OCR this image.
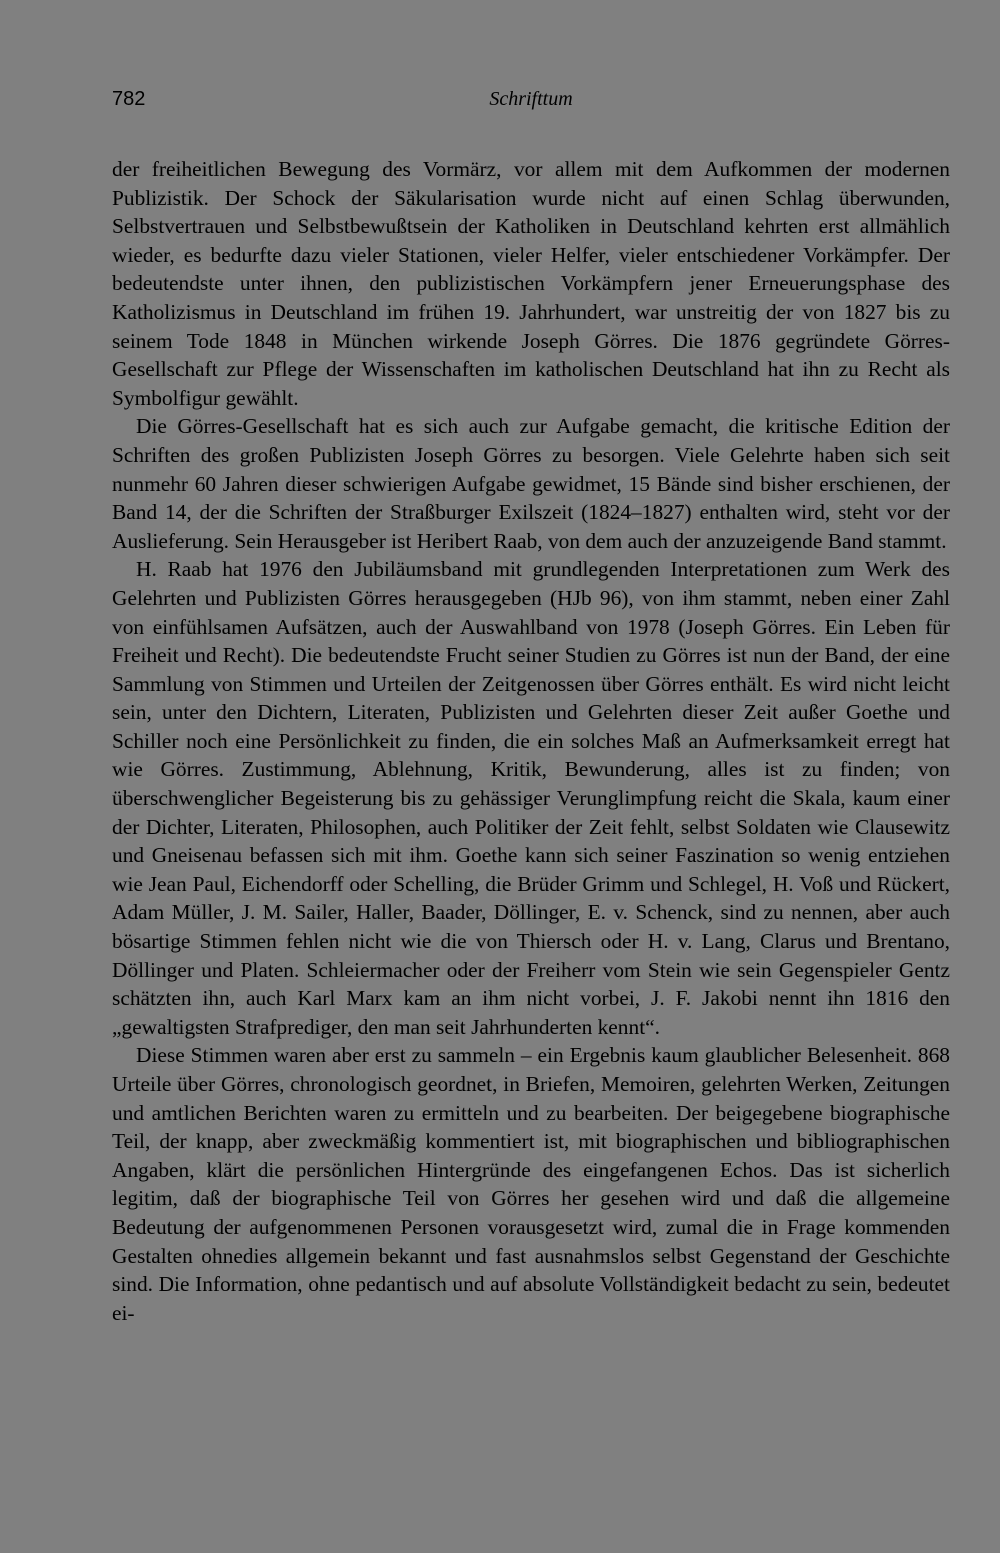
782	Schrifttum

der freiheitlichen Bewegung des Vormärz, vor allem mit dem Aufkommen der modernen Publizistik. Der Schock der Säkularisation wurde nicht auf einen Schlag überwunden, Selbstvertrauen und Selbstbewußtsein der Katholiken in Deutschland kehrten erst allmählich wieder, es bedurfte dazu vieler Stationen, vieler Helfer, vieler entschiedener Vorkämpfer. Der bedeutendste unter ihnen, den publizistischen Vorkämpfern jener Erneuerungsphase des Katholizismus in Deutschland im frühen 19. Jahrhundert, war unstreitig der von 1827 bis zu seinem Tode 1848 in München wirkende Joseph Görres. Die 1876 gegründete Görres-Gesellschaft zur Pflege der Wissenschaften im katholischen Deutschland hat ihn zu Recht als Symbolfigur gewählt.

Die Görres-Gesellschaft hat es sich auch zur Aufgabe gemacht, die kritische Edition der Schriften des großen Publizisten Joseph Görres zu besorgen. Viele Gelehrte haben sich seit nunmehr 60 Jahren dieser schwierigen Aufgabe gewidmet, 15 Bände sind bisher erschienen, der Band 14, der die Schriften der Straßburger Exilszeit (1824–1827) enthalten wird, steht vor der Auslieferung. Sein Herausgeber ist Heribert Raab, von dem auch der anzuzeigende Band stammt.

H. Raab hat 1976 den Jubiläumsband mit grundlegenden Interpretationen zum Werk des Gelehrten und Publizisten Görres herausgegeben (HJb 96), von ihm stammt, neben einer Zahl von einfühlsamen Aufsätzen, auch der Auswahlband von 1978 (Joseph Görres. Ein Leben für Freiheit und Recht). Die bedeutendste Frucht seiner Studien zu Görres ist nun der Band, der eine Sammlung von Stimmen und Urteilen der Zeitgenossen über Görres enthält. Es wird nicht leicht sein, unter den Dichtern, Literaten, Publizisten und Gelehrten dieser Zeit außer Goethe und Schiller noch eine Persönlichkeit zu finden, die ein solches Maß an Aufmerksamkeit erregt hat wie Görres. Zustimmung, Ablehnung, Kritik, Bewunderung, alles ist zu finden; von überschwenglicher Begeisterung bis zu gehässiger Verunglimpfung reicht die Skala, kaum einer der Dichter, Literaten, Philosophen, auch Politiker der Zeit fehlt, selbst Soldaten wie Clausewitz und Gneisenau befassen sich mit ihm. Goethe kann sich seiner Faszination so wenig entziehen wie Jean Paul, Eichendorff oder Schelling, die Brüder Grimm und Schlegel, H. Voß und Rückert, Adam Müller, J. M. Sailer, Haller, Baader, Döllinger, E. v. Schenck, sind zu nennen, aber auch bösartige Stimmen fehlen nicht wie die von Thiersch oder H. v. Lang, Clarus und Brentano, Döllinger und Platen. Schleiermacher oder der Freiherr vom Stein wie sein Gegenspieler Gentz schätzten ihn, auch Karl Marx kam an ihm nicht vorbei, J. F. Jakobi nennt ihn 1816 den „gewaltigsten Strafprediger, den man seit Jahrhunderten kennt“.

Diese Stimmen waren aber erst zu sammeln – ein Ergebnis kaum glaublicher Belesenheit. 868 Urteile über Görres, chronologisch geordnet, in Briefen, Memoiren, gelehrten Werken, Zeitungen und amtlichen Berichten waren zu ermitteln und zu bearbeiten. Der beigegebene biographische Teil, der knapp, aber zweckmäßig kommentiert ist, mit biographischen und bibliographischen Angaben, klärt die persönlichen Hintergründe des eingefangenen Echos. Das ist sicherlich legitim, daß der biographische Teil von Görres her gesehen wird und daß die allgemeine Bedeutung der aufgenommenen Personen vorausgesetzt wird, zumal die in Frage kommenden Gestalten ohnedies allgemein bekannt und fast ausnahmslos selbst Gegenstand der Geschichte sind. Die Information, ohne pedantisch und auf absolute Vollständigkeit bedacht zu sein, bedeutet ei-
